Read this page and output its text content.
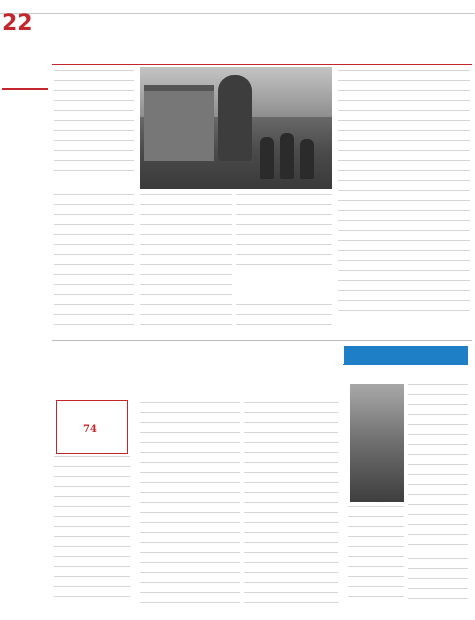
22
74
